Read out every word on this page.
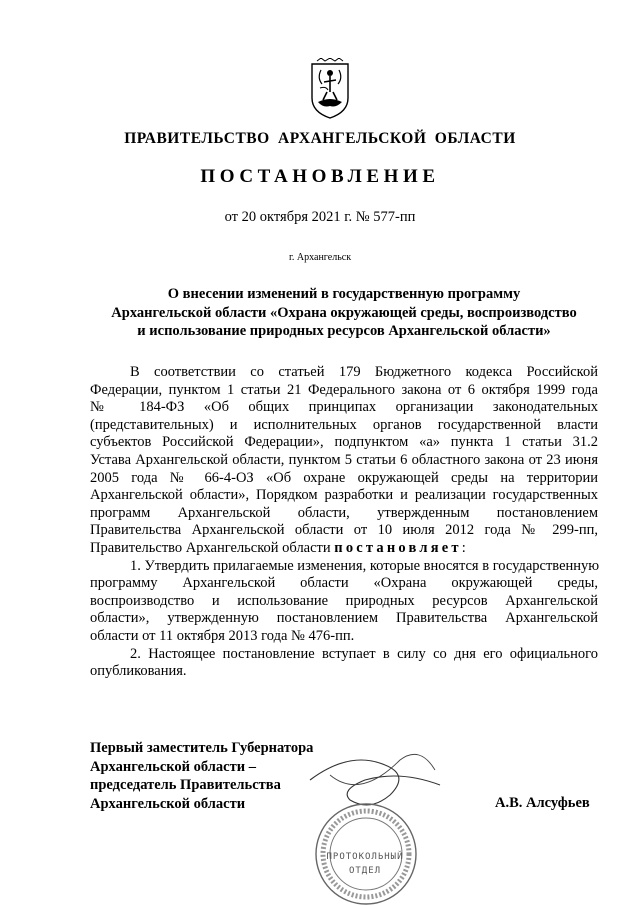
ПРАВИТЕЛЬСТВО АРХАНГЕЛЬСКОЙ ОБЛАСТИ
ПОСТАНОВЛЕНИЕ
от 20 октября 2021 г. № 577-пп
г. Архангельск
О внесении изменений в государственную программу
Архангельской области «Охрана окружающей среды, воспроизводство
и использование природных ресурсов Архангельской области»
В соответствии со статьей 179 Бюджетного кодекса Российской
Федерации, пунктом 1 статьи 21 Федерального закона от 6 октября 1999 года
№ 184-ФЗ «Об общих принципах организации законодательных
(представительных) и исполнительных органов государственной власти
субъектов Российской Федерации», подпунктом «а» пункта 1 статьи 31.2
Устава Архангельской области, пунктом 5 статьи 6 областного закона от 23 июня
2005 года № 66-4-ОЗ «Об охране окружающей среды на территории
Архангельской области», Порядком разработки и реализации государственных
программ Архангельской области, утвержденным постановлением
Правительства Архангельской области от 10 июля 2012 года № 299-пп,
Правительство Архангельской области постановляет:
1. Утвердить прилагаемые изменения, которые вносятся в государственную
программу Архангельской области «Охрана окружающей среды,
воспроизводство и использование природных ресурсов Архангельской
области», утвержденную постановлением Правительства Архангельской
области от 11 октября 2013 года № 476-пп.
2. Настоящее постановление вступает в силу со дня его официального
опубликования.
Первый заместитель Губернатора
Архангельской области –
председатель Правительства
Архангельской области	А.В. Алсуфьев
ПРОТОКОЛЬНЫЙ
ОТДЕЛ
